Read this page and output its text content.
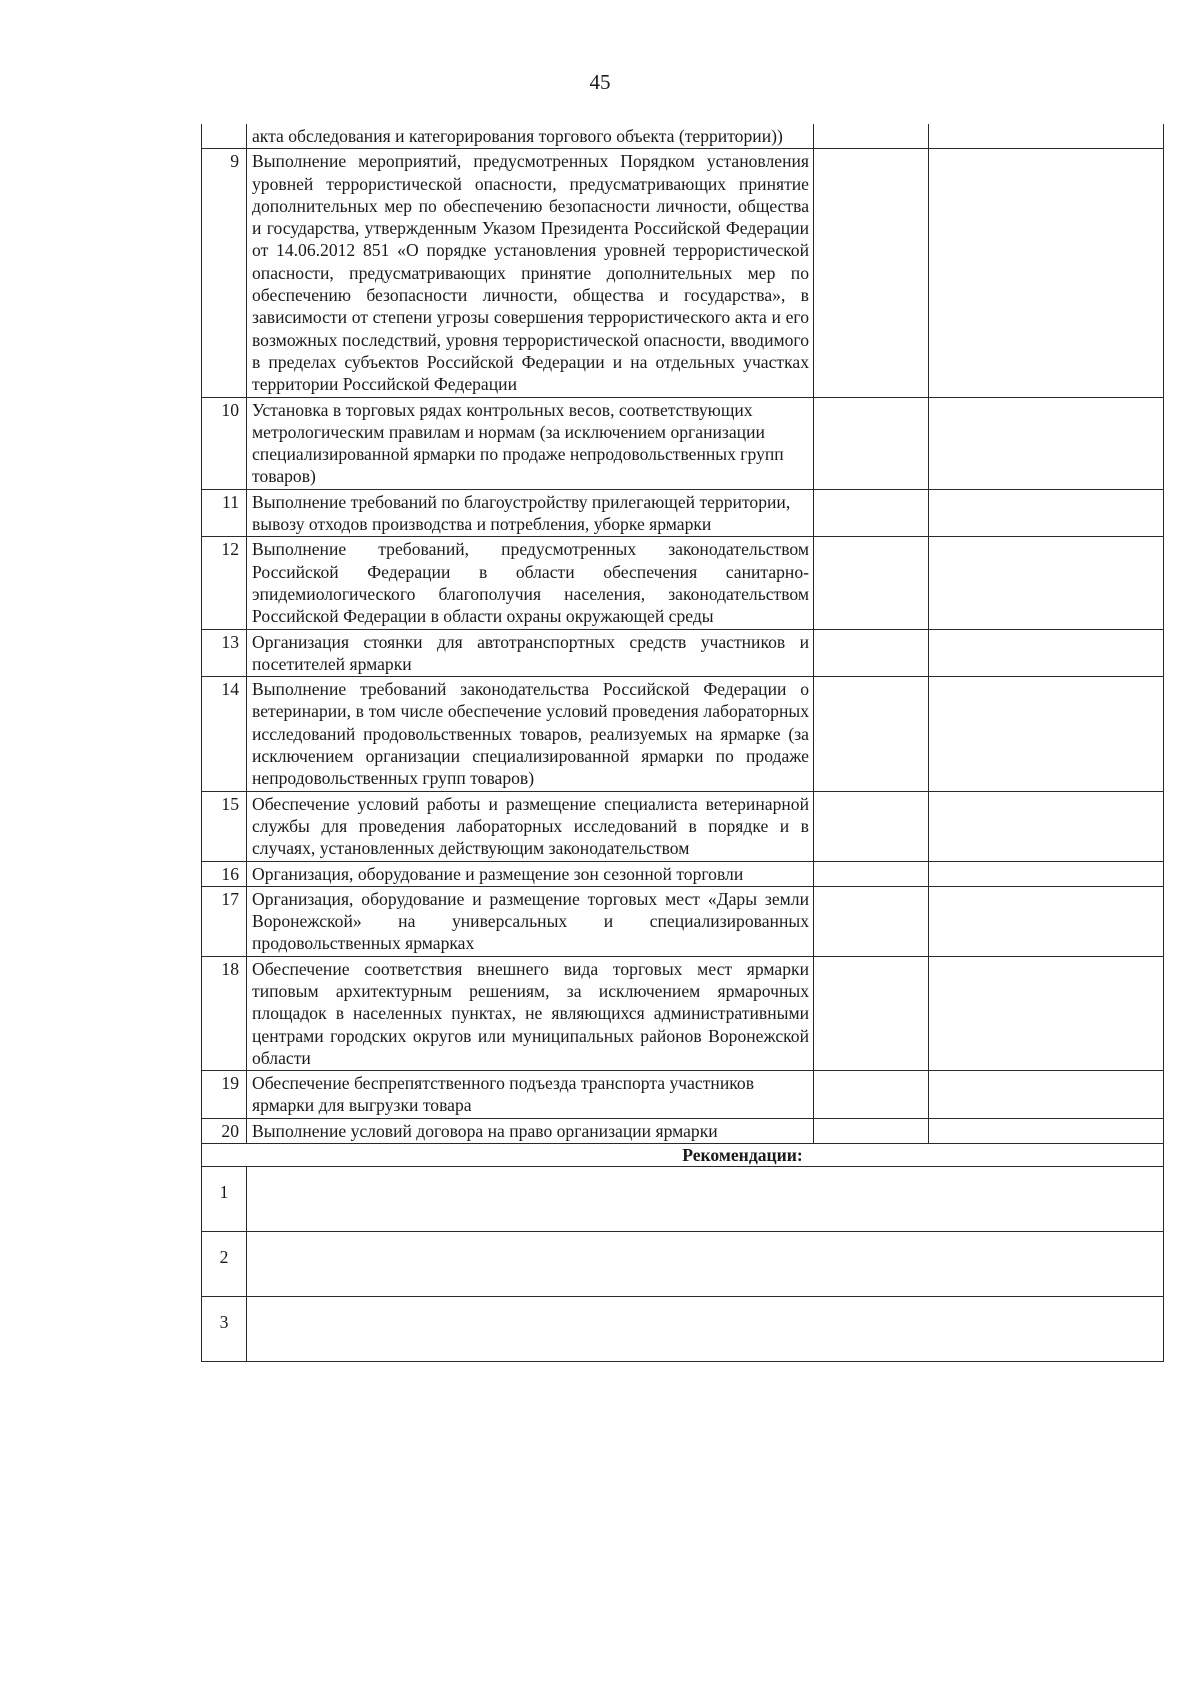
45
	акта обследования и категорирования торгового объекта (территории))		
9	Выполнение мероприятий, предусмотренных Порядком установления уровней террористической опасности, предусматривающих принятие дополнительных мер по обеспечению безопасности личности, общества и государства, утвержденным Указом Президента Российской Федерации от 14.06.2012 851 «О порядке установления уровней террористической опасности, предусматривающих принятие дополнительных мер по обеспечению безопасности личности, общества и государства», в зависимости от степени угрозы совершения террористического акта и его возможных последствий, уровня террористической опасности, вводимого в пределах субъектов Российской Федерации и на отдельных участках территории Российской Федерации		
10	Установка в торговых рядах контрольных весов, соответствующих метрологическим правилам и нормам (за исключением организации специализированной ярмарки по продаже непродовольственных групп товаров)		
11	Выполнение требований по благоустройству прилегающей территории, вывозу отходов производства и потребления, уборке ярмарки		
12	Выполнение требований, предусмотренных законодательством Российской Федерации в области обеспечения санитарно-эпидемиологического благополучия населения, законодательством Российской Федерации в области охраны окружающей среды		
13	Организация стоянки для автотранспортных средств участников и посетителей ярмарки		
14	Выполнение требований законодательства Российской Федерации о ветеринарии, в том числе обеспечение условий проведения лабораторных исследований продовольственных товаров, реализуемых на ярмарке (за исключением организации специализированной ярмарки по продаже непродовольственных групп товаров)		
15	Обеспечение условий работы и размещение специалиста ветеринарной службы для проведения лабораторных исследований в порядке и в случаях, установленных действующим законодательством		
16	Организация, оборудование и размещение зон сезонной торговли		
17	Организация, оборудование и размещение торговых мест «Дары земли Воронежской» на универсальных и специализированных продовольственных ярмарках		
18	Обеспечение соответствия внешнего вида торговых мест ярмарки типовым архитектурным решениям, за исключением ярмарочных площадок в населенных пунктах, не являющихся административными центрами городских округов или муниципальных районов Воронежской области		
19	Обеспечение беспрепятственного подъезда транспорта участников ярмарки для выгрузки товара		
20	Выполнение условий договора на право организации ярмарки		
Рекомендации:			
1			
2			
3			
